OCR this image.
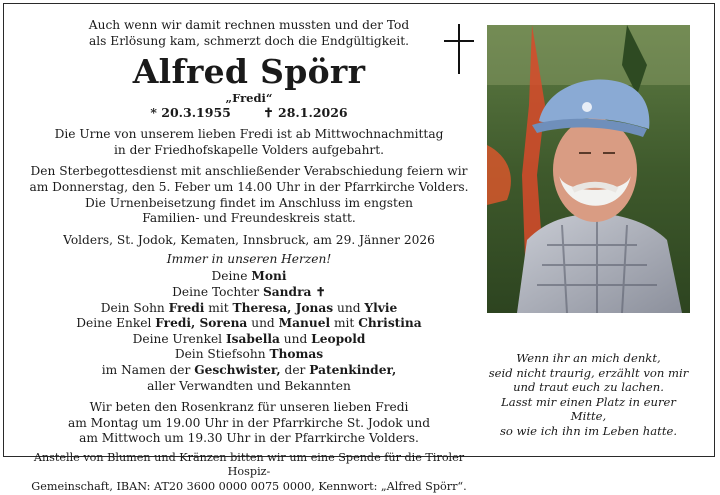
Auch wenn wir damit rechnen mussten und der Tod

als Erlösung kam, schmerzt doch die Endgültigkeit.

Alfred Spörr

„Fredi“

* 20.3.1955	✝ 28.1.2026

Die Urne von unserem lieben Fredi ist ab Mittwochnachmittag

in der Friedhofskapelle Volders aufgebahrt.

Den Sterbegottesdienst mit anschließender Verabschiedung feiern wir

am Donnerstag, den 5. Feber um 14.00 Uhr in der Pfarrkirche Volders.

Die Urnenbeisetzung findet im Anschluss im engsten

Familien- und Freundeskreis statt.

Volders, St. Jodok, Kematen, Innsbruck, am 29. Jänner 2026

Immer in unseren Herzen!

Deine Moni

Deine Tochter Sandra ✝

Dein Sohn Fredi mit Theresa, Jonas und Ylvie

Deine Enkel Fredi, Sorena und Manuel mit Christina

Deine Urenkel Isabella und Leopold

Dein Stiefsohn Thomas

im Namen der Geschwister, der Patenkinder,

aller Verwandten und Bekannten

Wir beten den Rosenkranz für unseren lieben Fredi

am Montag um 19.00 Uhr in der Pfarrkirche St. Jodok und

am Mittwoch um 19.30 Uhr in der Pfarrkirche Volders.

Anstelle von Blumen und Kränzen bitten wir um eine Spende für die Tiroler Hospiz-

Gemeinschaft, IBAN: AT20 3600 0000 0075 0000, Kennwort: „Alfred Spörr“.

Wenn ihr an mich denkt,
seid nicht traurig, erzählt von mir
und traut euch zu lachen.
Lasst mir einen Platz in eurer Mitte,
so wie ich ihn im Leben hatte.
